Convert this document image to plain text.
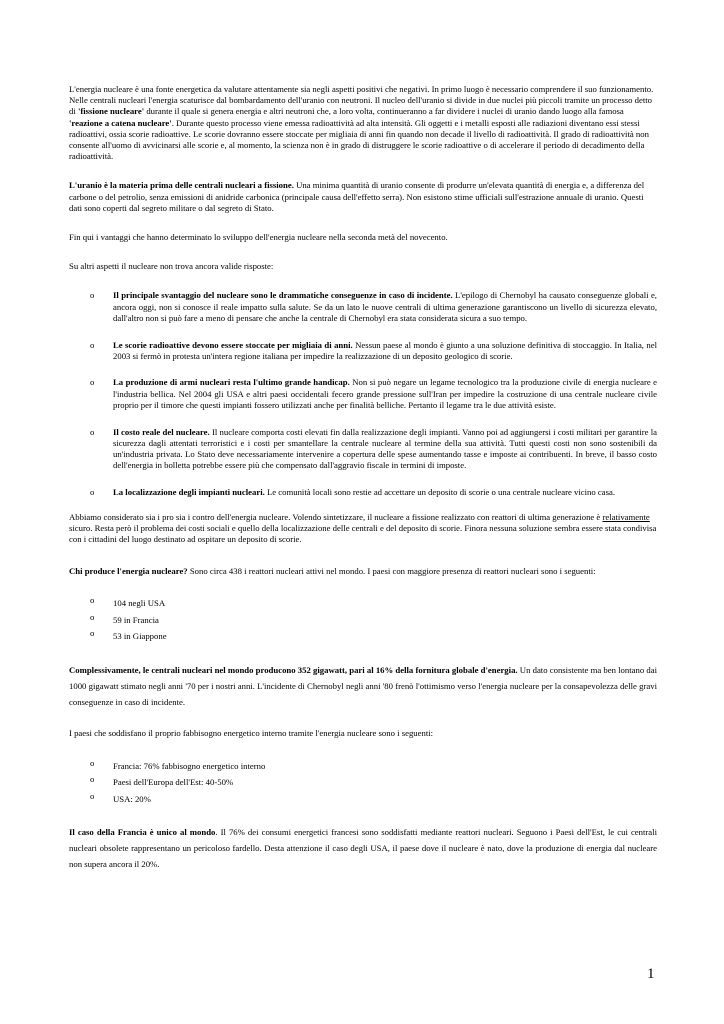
L'energia nucleare è una fonte energetica da valutare attentamente sia negli aspetti positivi che negativi. In primo luogo è necessario comprendere il suo funzionamento. Nelle centrali nucleari l'energia scaturisce dal bombardamento dell'uranio con neutroni. Il nucleo dell'uranio si divide in due nuclei più piccoli tramite un processo detto di 'fissione nucleare' durante il quale si genera energia e altri neutroni che, a loro volta, continueranno a far dividere i nuclei di uranio dando luogo alla famosa 'reazione a catena nucleare'. Durante questo processo viene emessa radioattività ad alta intensità. Gli oggetti e i metalli esposti alle radiazioni diventano essi stessi radioattivi, ossia scorie radioattive. Le scorie dovranno essere stoccate per migliaia di anni fin quando non decade il livello di radioattività. Il grado di radioattività non consente all'uomo di avvicinarsi alle scorie e, al momento, la scienza non è in grado di distruggere le scorie radioattive o di accelerare il periodo di decadimento della radioattività.

L'uranio è la materia prima delle centrali nucleari a fissione. Una minima quantità di uranio consente di produrre un'elevata quantità di energia e, a differenza del carbone o del petrolio, senza emissioni di anidride carbonica (principale causa dell'effetto serra). Non esistono stime ufficiali sull'estrazione annuale di uranio. Questi dati sono coperti dal segreto militare o dal segreto di Stato.

Fin qui i vantaggi che hanno determinato lo sviluppo dell'energia nucleare nella seconda metà del novecento.

Su altri aspetti il nucleare non trova ancora valide risposte:

o Il principale svantaggio del nucleare sono le drammatiche conseguenze in caso di incidente. L'epilogo di Chernobyl ha causato conseguenze globali e, ancora oggi, non si conosce il reale impatto sulla salute. Se da un lato le nuove centrali di ultima generazione garantiscono un livello di sicurezza elevato, dall'altro non si può fare a meno di pensare che anche la centrale di Chernobyl era stata considerata sicura a suo tempo.

o Le scorie radioattive devono essere stoccate per migliaia di anni. Nessun paese al mondo è giunto a una soluzione definitiva di stoccaggio. In Italia, nel 2003 si fermò in protesta un'intera regione italiana per impedire la realizzazione di un deposito geologico di scorie.

o La produzione di armi nucleari resta l'ultimo grande handicap. Non si può negare un legame tecnologico tra la produzione civile di energia nucleare e l'industria bellica. Nel 2004 gli USA e altri paesi occidentali fecero grande pressione sull'Iran per impedire la costruzione di una centrale nucleare civile proprio per il timore che questi impianti fossero utilizzati anche per finalità belliche. Pertanto il legame tra le due attività esiste.

o Il costo reale del nucleare. Il nucleare comporta costi elevati fin dalla realizzazione degli impianti. Vanno poi ad aggiungersi i costi militari per garantire la sicurezza dagli attentati terroristici e i costi per smantellare la centrale nucleare al termine della sua attività. Tutti questi costi non sono sostenibili da un'industria privata. Lo Stato deve necessariamente intervenire a copertura delle spese aumentando tasse e imposte ai contribuenti. In breve, il basso costo dell'energia in bolletta potrebbe essere più che compensato dall'aggravio fiscale in termini di imposte.

o La localizzazione degli impianti nucleari. Le comunità locali sono restie ad accettare un deposito di scorie o una centrale nucleare vicino casa.

Abbiamo considerato sia i pro sia i contro dell'energia nucleare. Volendo sintetizzare, il nucleare a fissione realizzato con reattori di ultima generazione è relativamente sicuro. Resta però il problema dei costi sociali e quello della localizzazione delle centrali e del deposito di scorie. Finora nessuna soluzione sembra essere stata condivisa con i cittadini del luogo destinato ad ospitare un deposito di scorie.

Chi produce l'energia nucleare? Sono circa 438 i reattori nucleari attivi nel mondo. I paesi con maggiore presenza di reattori nucleari sono i seguenti:

o 104 negli USA

o 59 in Francia

o 53 in Giappone

Complessivamente, le centrali nucleari nel mondo producono 352 gigawatt, pari al 16% della fornitura globale d'energia. Un dato consistente ma ben lontano dai 1000 gigawatt stimato negli anni '70 per i nostri anni. L'incidente di Chernobyl negli anni '80 frenò l'ottimismo verso l'energia nucleare per la consapevolezza delle gravi conseguenze in caso di incidente.

I paesi che soddisfano il proprio fabbisogno energetico interno tramite l'energia nucleare sono i seguenti:

o Francia: 76% fabbisogno energetico interno

o Paesi dell'Europa dell'Est: 40-50%

o USA: 20%

Il caso della Francia è unico al mondo. Il 76% dei consumi energetici francesi sono soddisfatti mediante reattori nucleari. Seguono i Paesi dell'Est, le cui centrali nucleari obsolete rappresentano un pericoloso fardello. Desta attenzione il caso degli USA, il paese dove il nucleare è nato, dove la produzione di energia dal nucleare non supera ancora il 20%.

1
